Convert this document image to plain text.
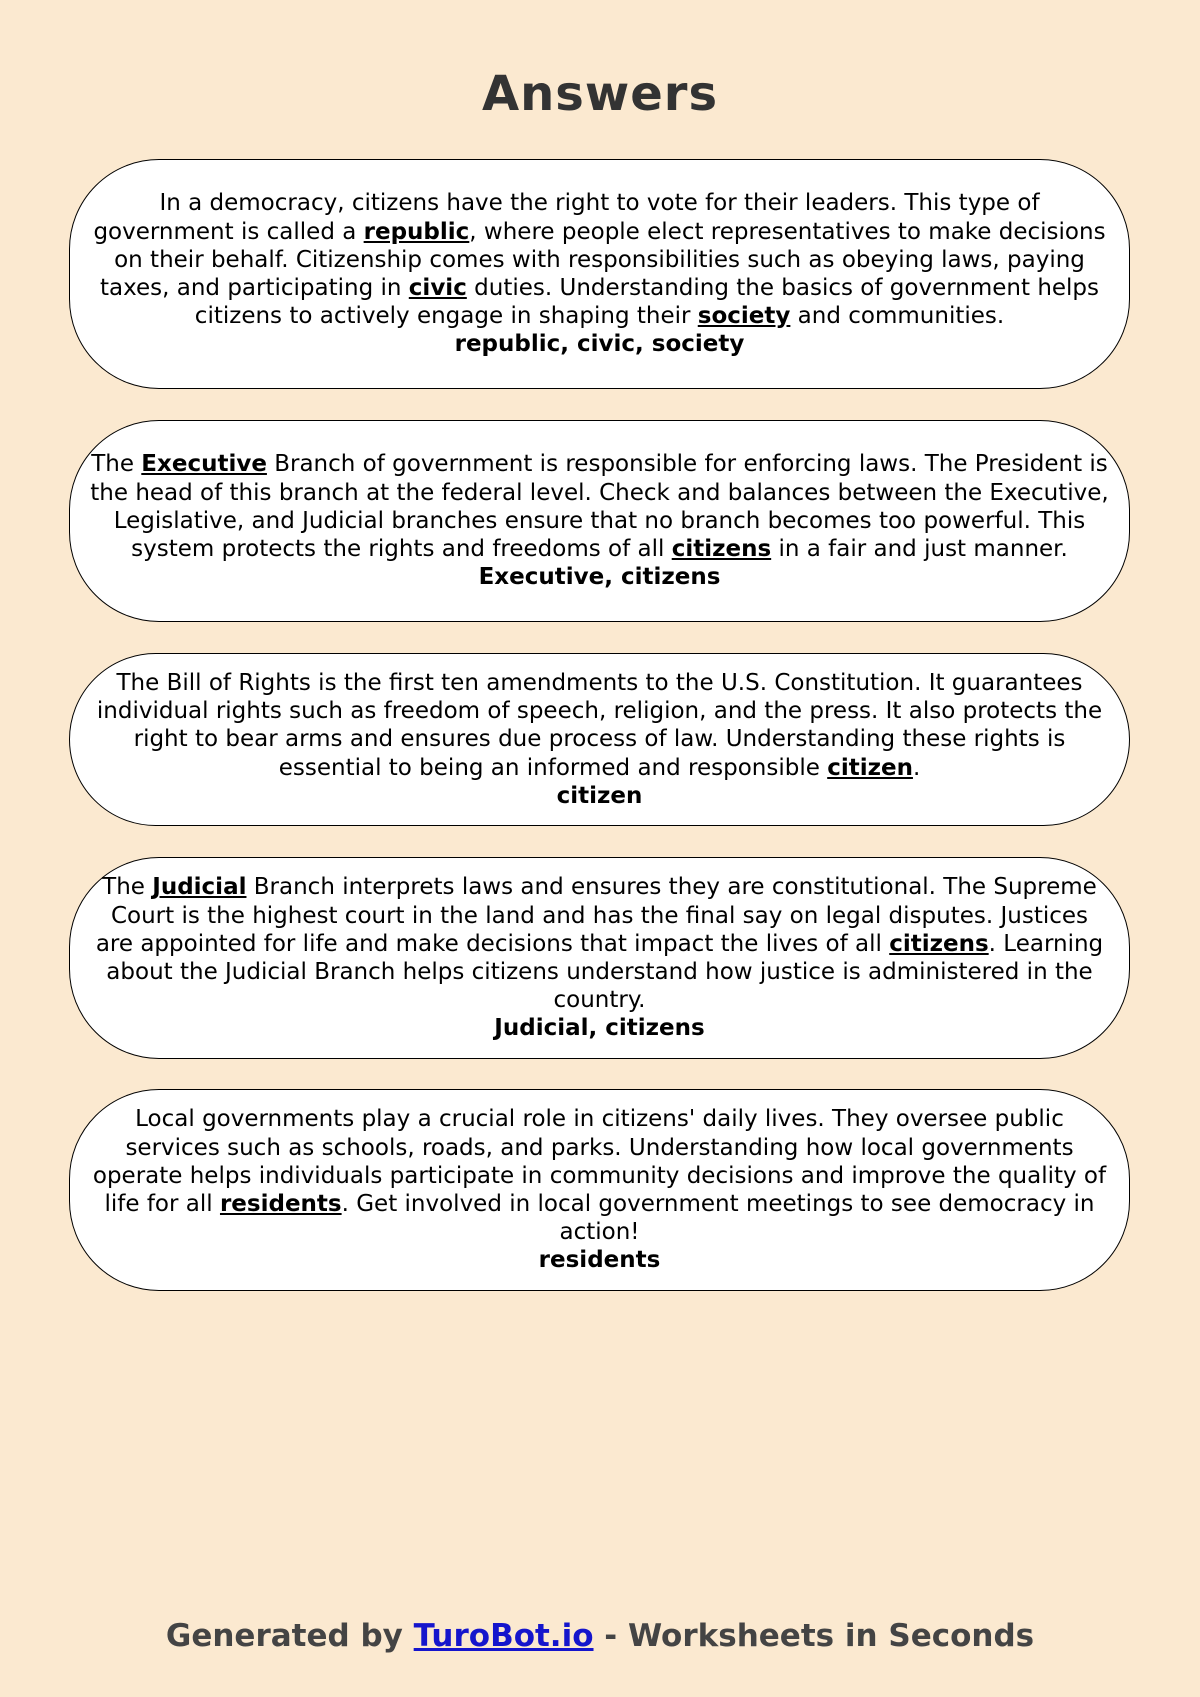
Answers
In a democracy, citizens have the right to vote for their leaders. This type of government is called a republic, where people elect representatives to make decisions on their behalf. Citizenship comes with responsibilities such as obeying laws, paying taxes, and participating in civic duties. Understanding the basics of government helps citizens to actively engage in shaping their society and communities.
republic, civic, society
The Executive Branch of government is responsible for enforcing laws. The President is the head of this branch at the federal level. Check and balances between the Executive, Legislative, and Judicial branches ensure that no branch becomes too powerful. This system protects the rights and freedoms of all citizens in a fair and just manner.
Executive, citizens
The Bill of Rights is the first ten amendments to the U.S. Constitution. It guarantees individual rights such as freedom of speech, religion, and the press. It also protects the right to bear arms and ensures due process of law. Understanding these rights is essential to being an informed and responsible citizen.
citizen
The Judicial Branch interprets laws and ensures they are constitutional. The Supreme Court is the highest court in the land and has the final say on legal disputes. Justices are appointed for life and make decisions that impact the lives of all citizens. Learning about the Judicial Branch helps citizens understand how justice is administered in the country.
Judicial, citizens
Local governments play a crucial role in citizens' daily lives. They oversee public services such as schools, roads, and parks. Understanding how local governments operate helps individuals participate in community decisions and improve the quality of life for all residents. Get involved in local government meetings to see democracy in action!
residents
Generated by TuroBot.io - Worksheets in Seconds
